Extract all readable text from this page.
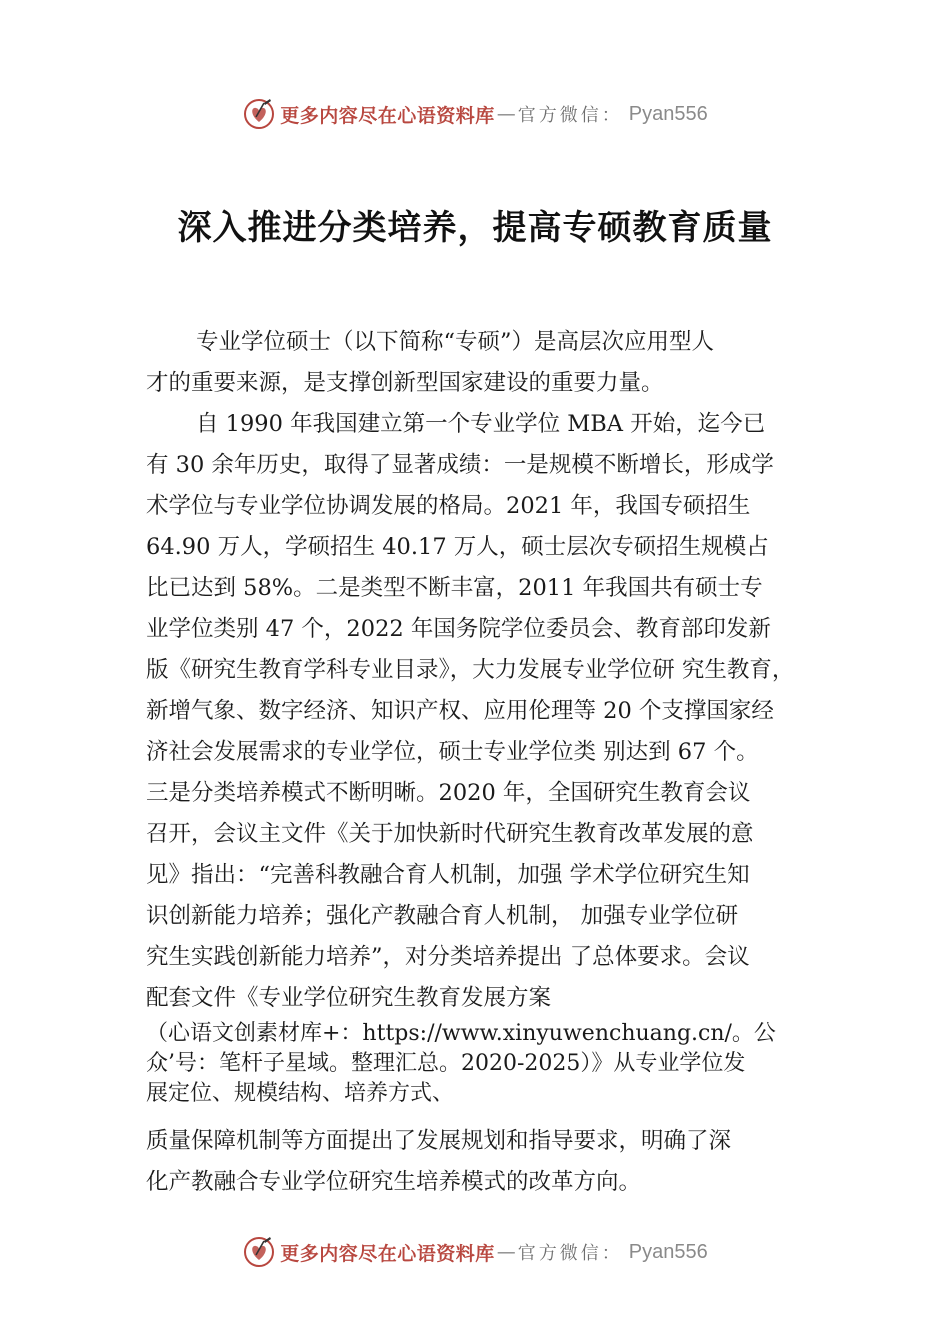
更多内容尽在心语资料库 — 官方微信： Pyan556
深入推进分类培养，提高专硕教育质量
专业学位硕士（以下简称“专硕”）是高层次应用型人
才的重要来源，是支撑创新型国家建设的重要力量。
自 1990 年我国建立第一个专业学位 MBA 开始，迄今已
有 30 余年历史，取得了显著成绩：一是规模不断增长，形成学
术学位与专业学位协调发展的格局。2021 年，我国专硕招生
64.90 万人，学硕招生 40.17 万人，硕士层次专硕招生规模占
比已达到 58%。二是类型不断丰富，2011 年我国共有硕士专
业学位类别 47 个，2022 年国务院学位委员会、教育部印发新
版《研究生教育学科专业目录》，大力发展专业学位研 究生教育，
新增气象、数字经济、知识产权、应用伦理等 20 个支撑国家经
济社会发展需求的专业学位，硕士专业学位类 别达到 67 个。
三是分类培养模式不断明晰。2020 年，全国研究生教育会议
召开，会议主文件《关于加快新时代研究生教育改革发展的意
见》指出：“完善科教融合育人机制，加强 学术学位研究生知
识创新能力培养；强化产教融合育人机制， 加强专业学位研
究生实践创新能力培养”，对分类培养提出 了总体要求。会议
配套文件《专业学位研究生教育发展方案
（心语文创素材库+：https://www.xinyuwenchuang.cn/。公
众’号：笔杆子星域。整理汇总。2020-2025）》从专业学位发
展定位、规模结构、培养方式、
质量保障机制等方面提出了发展规划和指导要求，明确了深
化产教融合专业学位研究生培养模式的改革方向。
更多内容尽在心语资料库 — 官方微信： Pyan556
